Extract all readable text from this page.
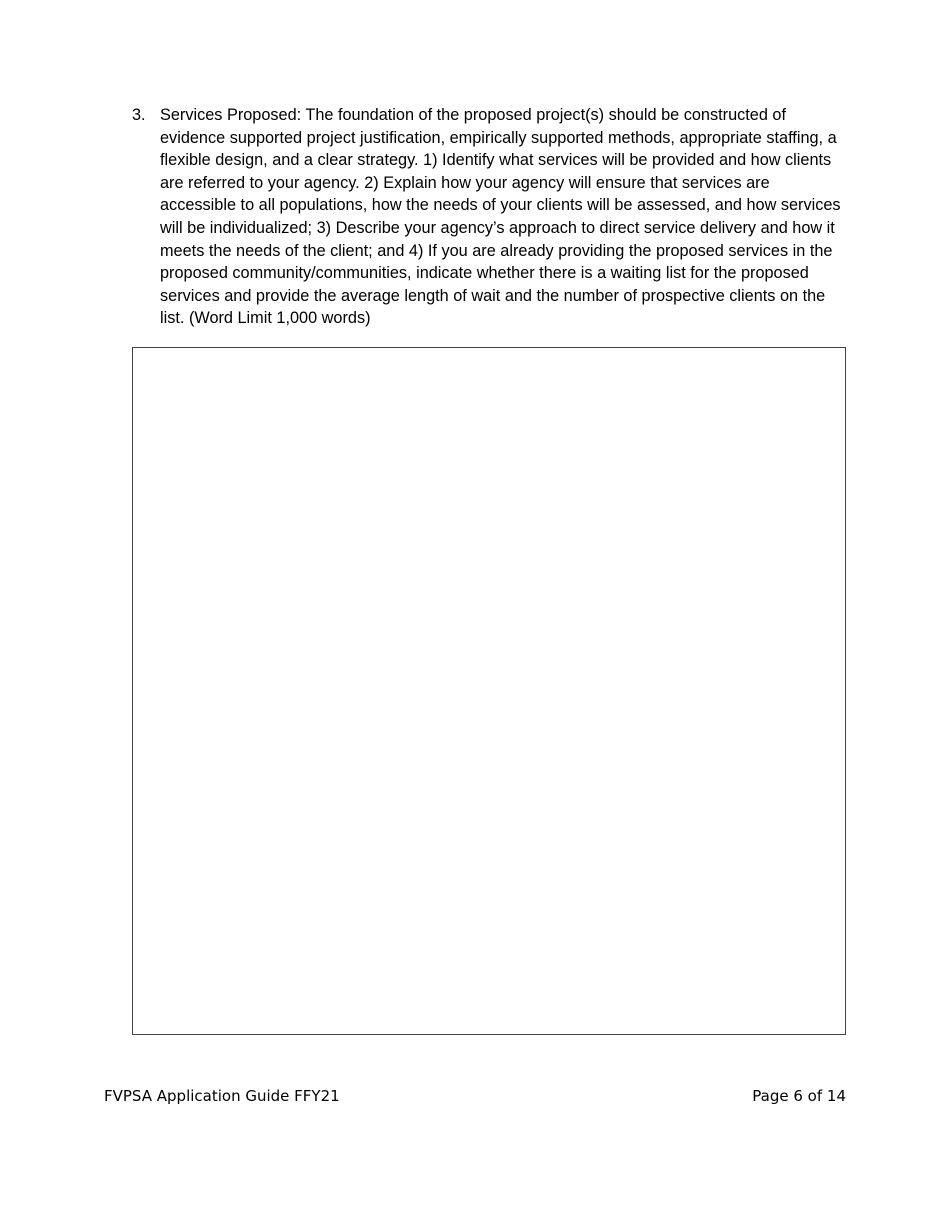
3. Services Proposed: The foundation of the proposed project(s) should be constructed of evidence supported project justification, empirically supported methods, appropriate staffing, a flexible design, and a clear strategy. 1) Identify what services will be provided and how clients are referred to your agency. 2) Explain how your agency will ensure that services are accessible to all populations, how the needs of your clients will be assessed, and how services will be individualized; 3) Describe your agency’s approach to direct service delivery and how it meets the needs of the client; and 4) If you are already providing the proposed services in the proposed community/communities, indicate whether there is a waiting list for the proposed services and provide the average length of wait and the number of prospective clients on the list. (Word Limit 1,000 words)
FVPSA Application Guide FFY21	Page 6 of 14
